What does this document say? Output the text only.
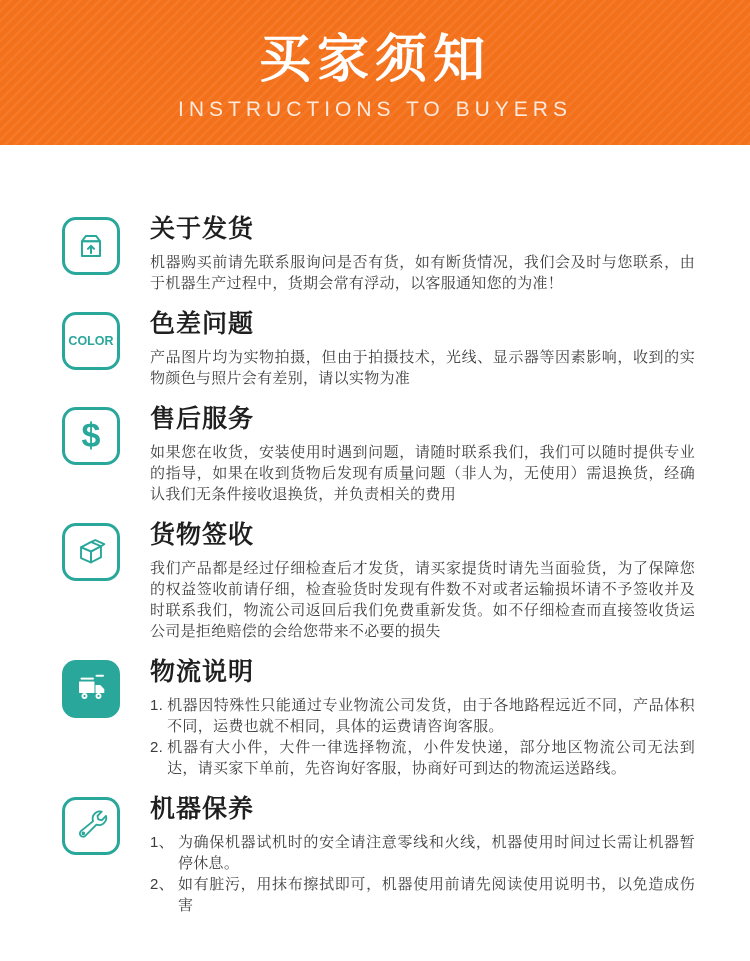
买家须知
INSTRUCTIONS TO BUYERS
关于发货

机器购买前请先联系服询问是否有货，如有断货情况，我们会及时与您联系，由于机器生产过程中，货期会常有浮动，以客服通知您的为准！

COLOR
色差问题

产品图片均为实物拍摄，但由于拍摄技术，光线、显示器等因素影响，收到的实物颜色与照片会有差别，请以实物为准

$ 售后服务

如果您在收货，安装使用时遇到问题，请随时联系我们，我们可以随时提供专业的指导，如果在收到货物后发现有质量问题（非人为，无使用）需退换货，经确认我们无条件接收退换货，并负责相关的费用

货物签收

我们产品都是经过仔细检查后才发货，请买家提货时请先当面验货，为了保障您的权益签收前请仔细，检查验货时发现有件数不对或者运输损坏请不予签收并及时联系我们，物流公司返回后我们免费重新发货。如不仔细检查而直接签收货运公司是拒绝赔偿的会给您带来不必要的损失

物流说明
1. 机器因特殊性只能通过专业物流公司发货，由于各地路程远近不同，产品体积不同，运费也就不相同，具体的运费请咨询客服。
2. 机器有大小件，大件一律选择物流，小件发快递，部分地区物流公司无法到达，请买家下单前，先咨询好客服，协商好可到达的物流运送路线。
机器保养
1、 为确保机器试机时的安全请注意零线和火线，机器使用时间过长需让机器暂停休息。
2、 如有脏污，用抹布擦拭即可，机器使用前请先阅读使用说明书，以免造成伤害
